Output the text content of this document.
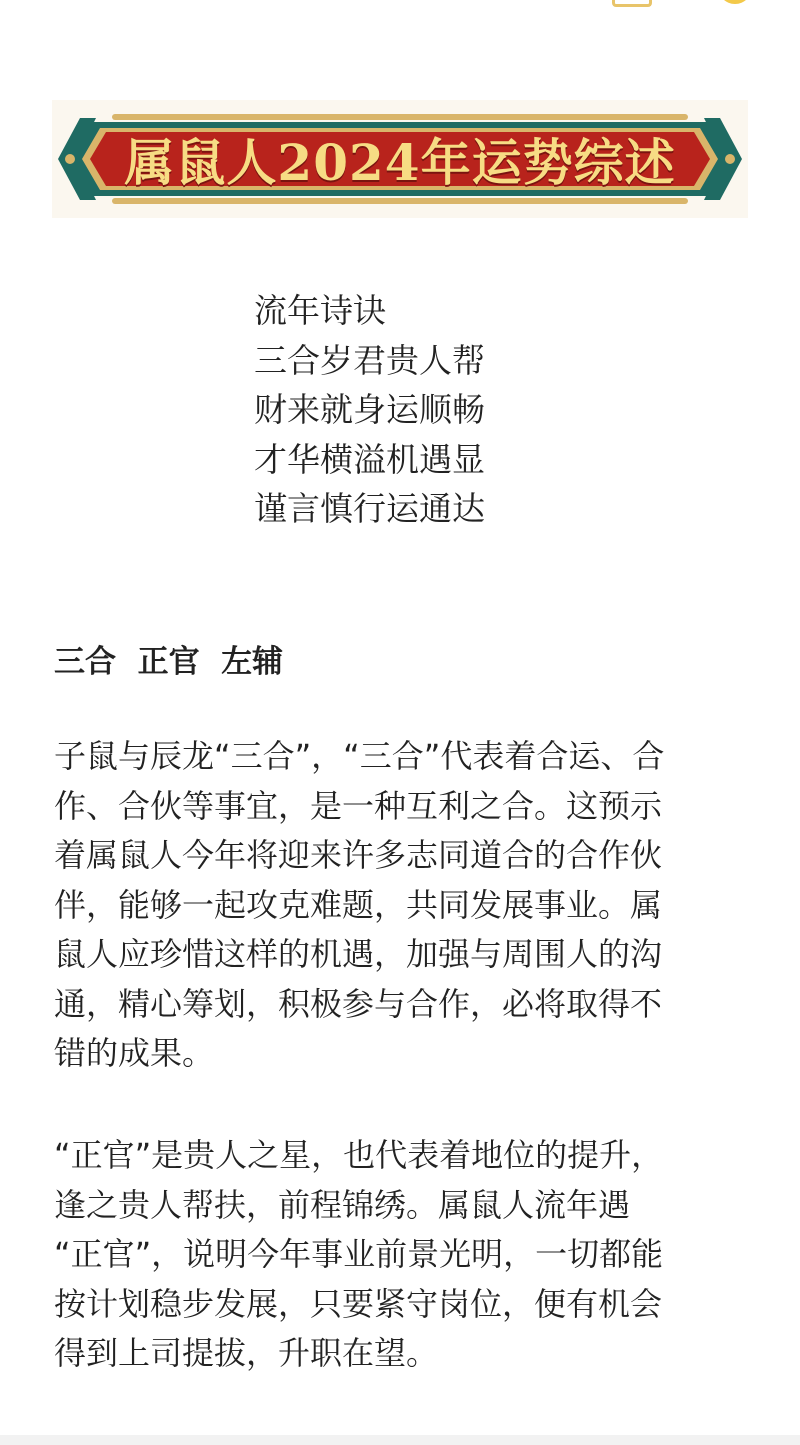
属鼠人2024年运势综述
流年诗诀
三合岁君贵人帮
财来就身运顺畅
才华横溢机遇显
谨言慎行运通达
三合  正官  左辅
子鼠与辰龙“三合”，“三合”代表着合运、合
作、合伙等事宜，是一种互利之合。这预示
着属鼠人今年将迎来许多志同道合的合作伙
伴，能够一起攻克难题，共同发展事业。属
鼠人应珍惜这样的机遇，加强与周围人的沟
通，精心筹划，积极参与合作，必将取得不
错的成果。
“正官”是贵人之星，也代表着地位的提升，
逢之贵人帮扶，前程锦绣。属鼠人流年遇
“正官”，说明今年事业前景光明，一切都能
按计划稳步发展，只要紧守岗位，便有机会
得到上司提拔，升职在望。
